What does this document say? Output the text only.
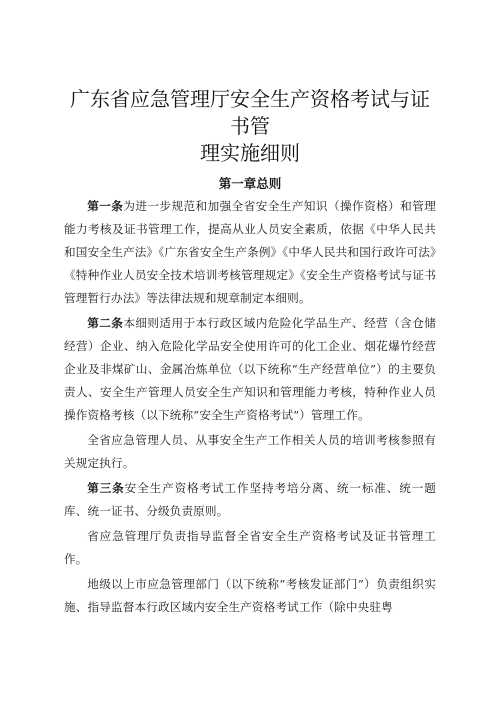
广东省应急管理厅安全生产资格考试与证书管
理实施细则
第一章总则

第一条为进一步规范和加强全省安全生产知识（操作资格）和管理能力考核及证书管理工作，提高从业人员安全素质，依据《中华人民共和国安全生产法》《广东省安全生产条例》《中华人民共和国行政许可法》《特种作业人员安全技术培训考核管理规定》《安全生产资格考试与证书管理暂行办法》等法律法规和规章制定本细则。

第二条本细则适用于本行政区域内危险化学品生产、经营（含仓储经营）企业、纳入危险化学品安全使用许可的化工企业、烟花爆竹经营企业及非煤矿山、金属冶炼单位（以下统称“生产经营单位”）的主要负责人、安全生产管理人员安全生产知识和管理能力考核，特种作业人员操作资格考核（以下统称“安全生产资格考试”）管理工作。

全省应急管理人员、从事安全生产工作相关人员的培训考核参照有关规定执行。

第三条安全生产资格考试工作坚持考培分离、统一标准、统一题库、统一证书、分级负责原则。

省应急管理厅负责指导监督全省安全生产资格考试及证书管理工作。

地级以上市应急管理部门（以下统称“考核发证部门”）负责组织实施、指导监督本行政区域内安全生产资格考试工作（除中央驻粤
